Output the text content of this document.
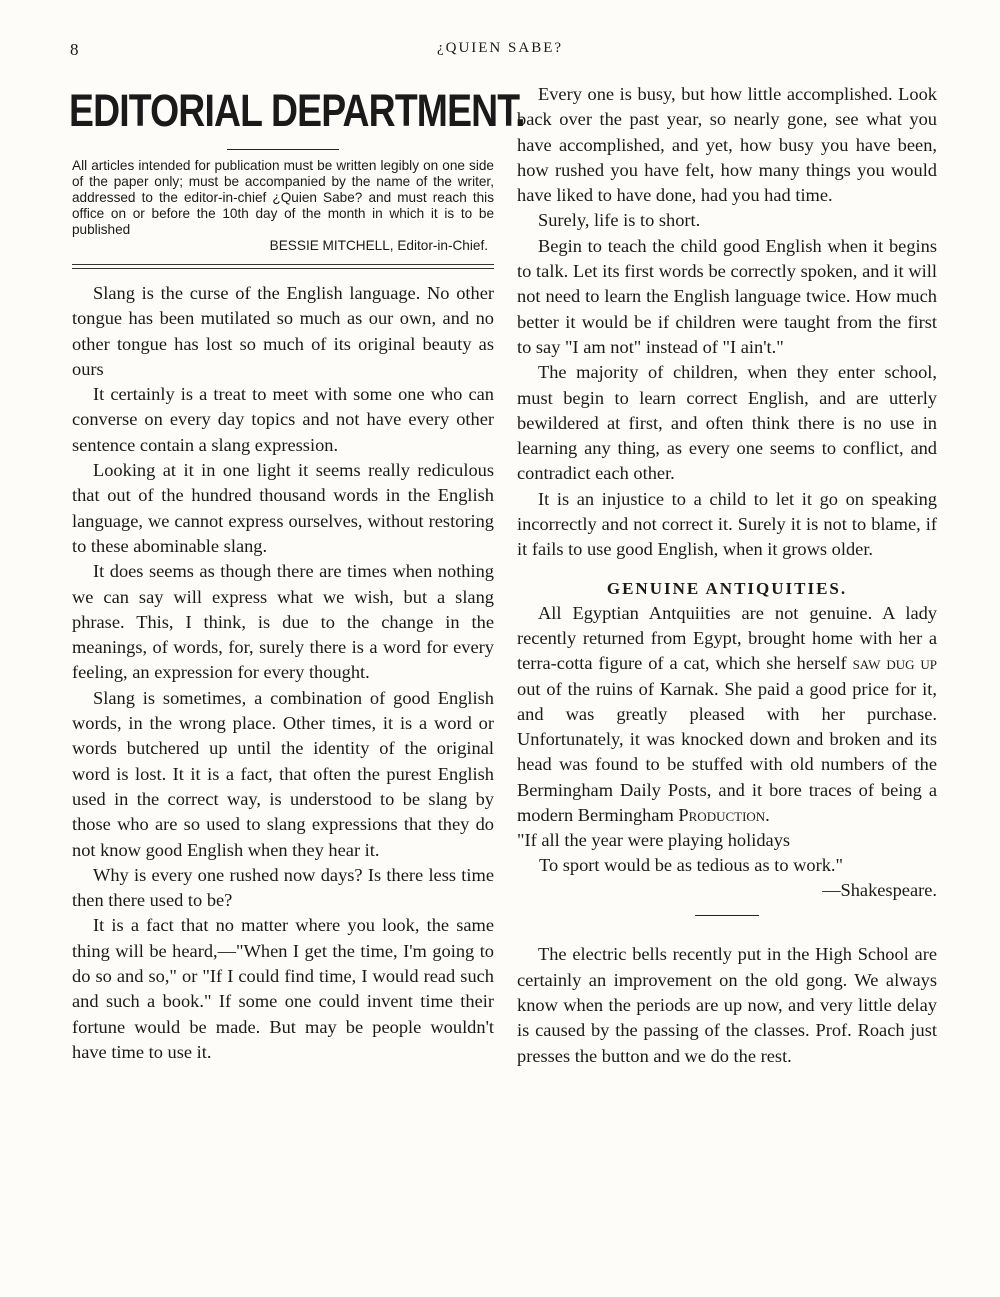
8	¿QUIEN SABE?
EDITORIAL DEPARTMENT.
All articles intended for publication must be written legibly on one side of the paper only; must be accompanied by the name of the writer, addressed to the editor-in-chief ¿Quien Sabe? and must reach this office on or before the 10th day of the month in which it is to be published
BESSIE MITCHELL, Editor-in-Chief.

Slang is the curse of the English language. No other tongue has been mutilated so much as our own, and no other tongue has lost so much of its original beauty as ours

It certainly is a treat to meet with some one who can converse on every day topics and not have every other sentence contain a slang expression.

Looking at it in one light it seems really rediculous that out of the hundred thousand words in the English language, we cannot express ourselves, without restoring to these abominable slang.

It does seems as though there are times when nothing we can say will express what we wish, but a slang phrase. This, I think, is due to the change in the meanings, of words, for, surely there is a word for every feeling, an expression for every thought.

Slang is sometimes, a combination of good English words, in the wrong place. Other times, it is a word or words butchered up until the identity of the original word is lost. It it is a fact, that often the purest English used in the correct way, is understood to be slang by those who are so used to slang expressions that they do not know good English when they hear it.

Why is every one rushed now days? Is there less time then there used to be?

It is a fact that no matter where you look, the same thing will be heard,—"When I get the time, I'm going to do so and so," or "If I could find time, I would read such and such a book." If some one could invent time their fortune would be made. But may be people wouldn't have time to use it.

Every one is busy, but how little accomplished. Look back over the past year, so nearly gone, see what you have accomplished, and yet, how busy you have been, how rushed you have felt, how many things you would have liked to have done, had you had time.

Surely, life is to short.

Begin to teach the child good English when it begins to talk. Let its first words be correctly spoken, and it will not need to learn the English language twice. How much better it would be if children were taught from the first to say "I am not" instead of "I ain't."

The majority of children, when they enter school, must begin to learn correct English, and are utterly bewildered at first, and often think there is no use in learning any thing, as every one seems to conflict, and contradict each other.

It is an injustice to a child to let it go on speaking incorrectly and not correct it. Surely it is not to blame, if it fails to use good English, when it grows older.

GENUINE ANTIQUITIES.

All Egyptian Antquiities are not genuine. A lady recently returned from Egypt, brought home with her a terra-cotta figure of a cat, which she herself saw dug up out of the ruins of Karnak. She paid a good price for it, and was greatly pleased with her purchase. Unfortunately, it was knocked down and broken and its head was found to be stuffed with old numbers of the Bermingham Daily Posts, and it bore traces of being a modern Bermingham Production.

"If all the year were playing holidays
To sport would be as tedious as to work."
—Shakespeare.

The electric bells recently put in the High School are certainly an improvement on the old gong. We always know when the periods are up now, and very little delay is caused by the passing of the classes. Prof. Roach just presses the button and we do the rest.
